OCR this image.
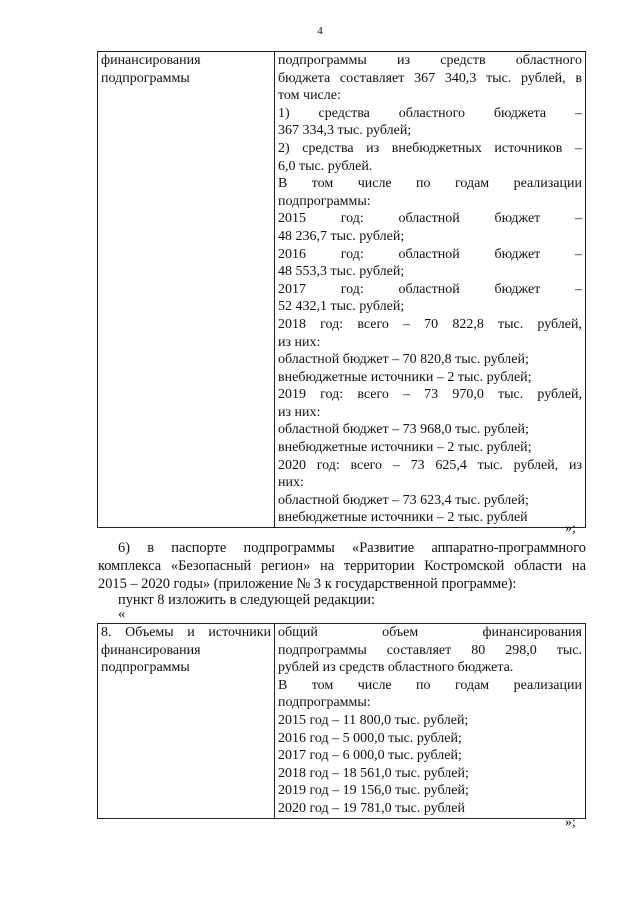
4
финансирования
подпрограммы

подпрограммы из средств областного
бюджета составляет 367 340,3 тыс. рублей, в
том числе:
1) средства областного бюджета –
367 334,3 тыс. рублей;
2) средства из внебюджетных источников –
6,0 тыс. рублей.
В том числе по годам реализации
подпрограммы:
2015 год: областной бюджет –
48 236,7 тыс. рублей;
2016 год: областной бюджет –
48 553,3 тыс. рублей;
2017 год: областной бюджет –
52 432,1 тыс. рублей;
2018 год: всего – 70 822,8 тыс. рублей,
из них:
областной бюджет – 70 820,8 тыс. рублей;
внебюджетные источники – 2 тыс. рублей;
2019 год: всего – 73 970,0 тыс. рублей,
из них:
областной бюджет – 73 968,0 тыс. рублей;
внебюджетные источники – 2 тыс. рублей;
2020 год: всего – 73 625,4 тыс. рублей, из
них:
областной бюджет – 73 623,4 тыс. рублей;
внебюджетные источники – 2 тыс. рублей
»;
6) в паспорте подпрограммы «Развитие аппаратно-программного
комплекса «Безопасный регион» на территории Костромской области на
2015 – 2020 годы» (приложение № 3 к государственной программе):
пункт 8 изложить в следующей редакции:
«
8. Объемы и источники
финансирования
подпрограммы

общий объем финансирования
подпрограммы составляет 80 298,0 тыс.
рублей из средств областного бюджета.
В том числе по годам реализации
подпрограммы:
2015 год – 11 800,0 тыс. рублей;
2016 год – 5 000,0 тыс. рублей;
2017 год – 6 000,0 тыс. рублей;
2018 год – 18 561,0 тыс. рублей;
2019 год – 19 156,0 тыс. рублей;
2020 год – 19 781,0 тыс. рублей
»;
